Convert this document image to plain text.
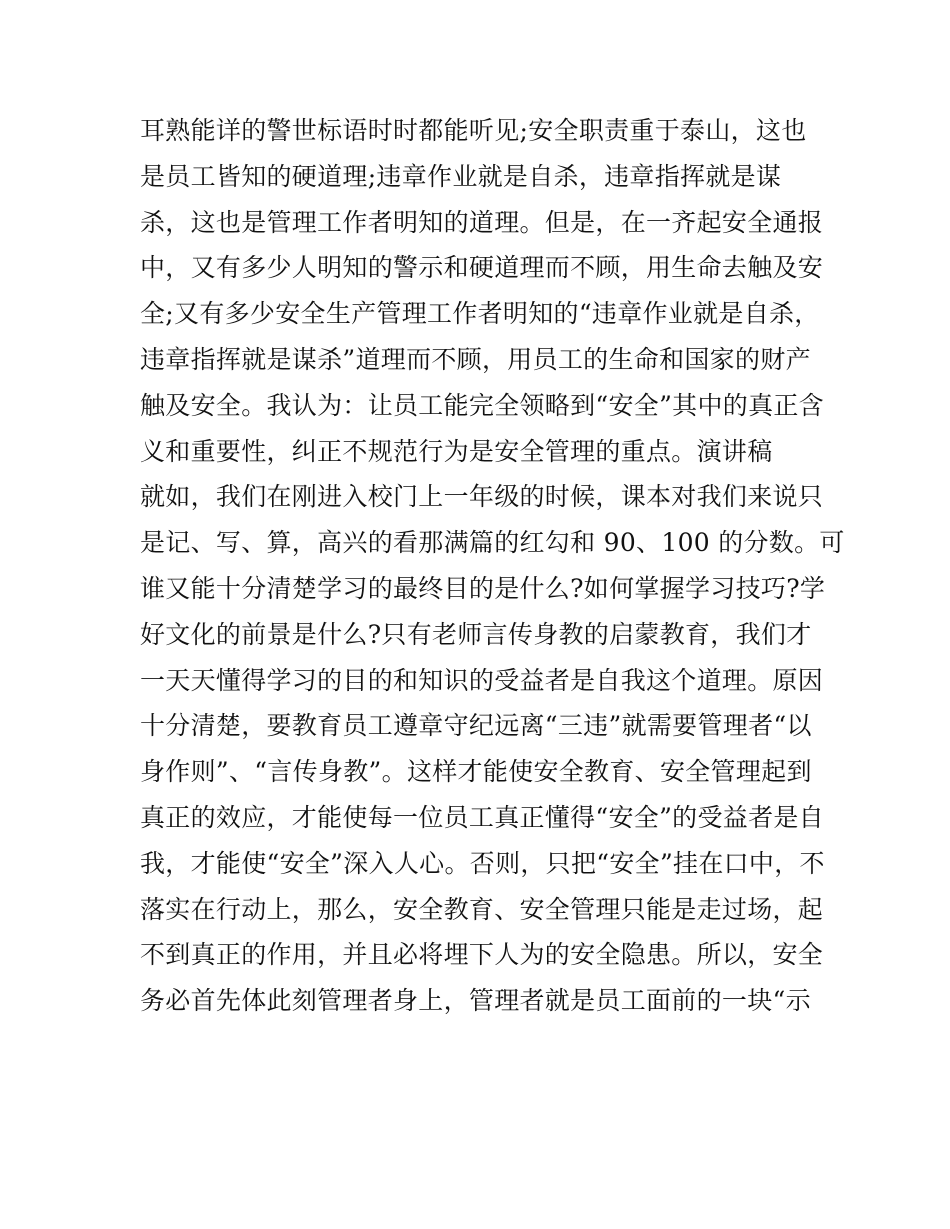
耳熟能详的警世标语时时都能听见;安全职责重于泰山，这也
是员工皆知的硬道理;违章作业就是自杀，违章指挥就是谋
杀，这也是管理工作者明知的道理。但是，在一齐起安全通报
中，又有多少人明知的警示和硬道理而不顾，用生命去触及安
全;又有多少安全生产管理工作者明知的“违章作业就是自杀，
违章指挥就是谋杀”道理而不顾，用员工的生命和国家的财产
触及安全。我认为：让员工能完全领略到“安全”其中的真正含
义和重要性，纠正不规范行为是安全管理的重点。演讲稿
就如，我们在刚进入校门上一年级的时候，课本对我们来说只
是记、写、算，高兴的看那满篇的红勾和 90、100 的分数。可
谁又能十分清楚学习的最终目的是什么?如何掌握学习技巧?学
好文化的前景是什么?只有老师言传身教的启蒙教育，我们才
一天天懂得学习的目的和知识的受益者是自我这个道理。原因
十分清楚，要教育员工遵章守纪远离“三违”就需要管理者“以
身作则”、“言传身教”。这样才能使安全教育、安全管理起到
真正的效应，才能使每一位员工真正懂得“安全”的受益者是自
我，才能使“安全”深入人心。否则，只把“安全”挂在口中，不
落实在行动上，那么，安全教育、安全管理只能是走过场，起
不到真正的作用，并且必将埋下人为的安全隐患。所以，安全
务必首先体此刻管理者身上，管理者就是员工面前的一块“示
